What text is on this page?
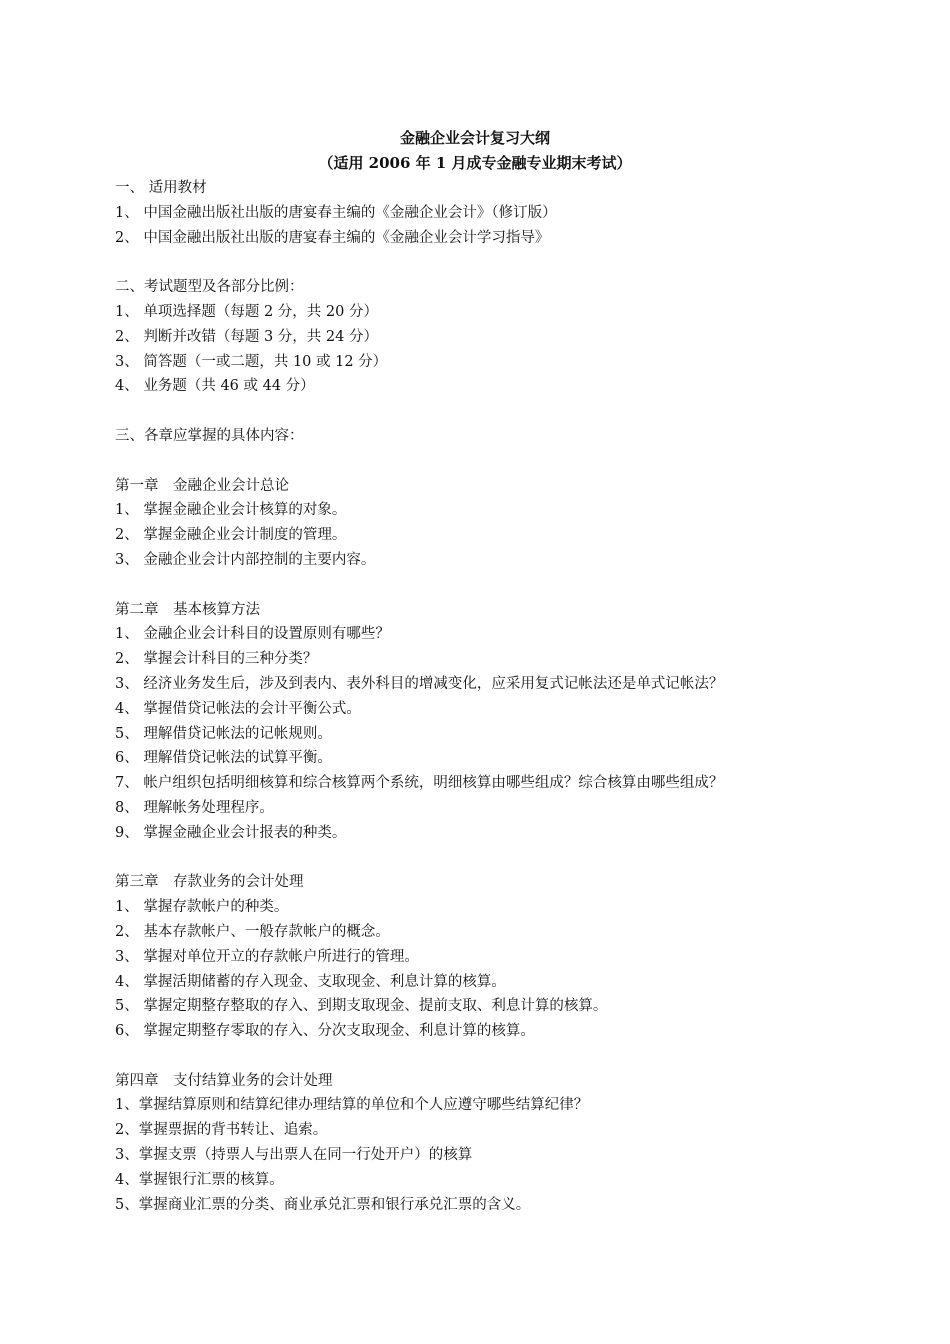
金融企业会计复习大纲
（适用 2006 年 1 月成专金融专业期末考试）
一、 适用教材
1、 中国金融出版社出版的唐宴春主编的《金融企业会计》（修订版）
2、 中国金融出版社出版的唐宴春主编的《金融企业会计学习指导》
二、考试题型及各部分比例：
1、 单项选择题（每题 2 分，共 20 分）
2、 判断并改错（每题 3 分，共 24 分）
3、 简答题（一或二题，共 10 或 12 分）
4、 业务题（共 46 或 44 分）
三、各章应掌握的具体内容：
第一章　金融企业会计总论
1、 掌握金融企业会计核算的对象。
2、 掌握金融企业会计制度的管理。
3、 金融企业会计内部控制的主要内容。
第二章　基本核算方法
1、 金融企业会计科目的设置原则有哪些？
2、 掌握会计科目的三种分类？
3、 经济业务发生后，涉及到表内、表外科目的增减变化，应采用复式记帐法还是单式记帐法？
4、 掌握借贷记帐法的会计平衡公式。
5、 理解借贷记帐法的记帐规则。
6、 理解借贷记帐法的试算平衡。
7、 帐户组织包括明细核算和综合核算两个系统，明细核算由哪些组成？综合核算由哪些组成？
8、 理解帐务处理程序。
9、 掌握金融企业会计报表的种类。
第三章　存款业务的会计处理
1、 掌握存款帐户的种类。
2、 基本存款帐户、一般存款帐户的概念。
3、 掌握对单位开立的存款帐户所进行的管理。
4、 掌握活期储蓄的存入现金、支取现金、利息计算的核算。
5、 掌握定期整存整取的存入、到期支取现金、提前支取、利息计算的核算。
6、 掌握定期整存零取的存入、分次支取现金、利息计算的核算。
第四章　支付结算业务的会计处理
1、掌握结算原则和结算纪律办理结算的单位和个人应遵守哪些结算纪律？
2、掌握票据的背书转让、追索。
3、掌握支票（持票人与出票人在同一行处开户）的核算
4、掌握银行汇票的核算。
5、掌握商业汇票的分类、商业承兑汇票和银行承兑汇票的含义。
